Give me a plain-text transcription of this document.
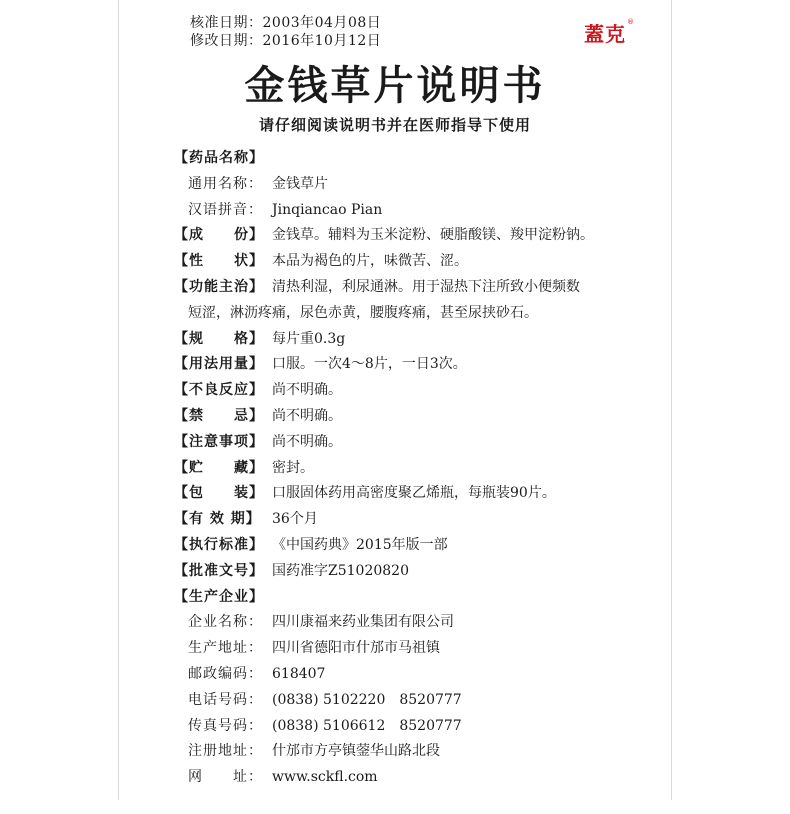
核准日期：2003年04月08日
修改日期：2016年10月12日	蓋克®
金钱草片说明书
请仔细阅读说明书并在医师指导下使用
【药品名称】
通用名称： 金钱草片
汉语拼音： Jinqiancao Pian
【成　　份】 金钱草。辅料为玉米淀粉、硬脂酸镁、羧甲淀粉钠。
【性　　状】 本品为褐色的片，味微苦、涩。
【功能主治】 清热利湿，利尿通淋。用于湿热下注所致小便频数
短涩，淋沥疼痛，尿色赤黄，腰腹疼痛，甚至尿挟砂石。
【规　　格】 每片重0.3g
【用法用量】 口服。一次4～8片，一日3次。
【不良反应】 尚不明确。
【禁　　忌】 尚不明确。
【注意事项】 尚不明确。
【贮　　藏】 密封。
【包　　装】 口服固体药用高密度聚乙烯瓶，每瓶装90片。
【有 效 期】 36个月
【执行标准】 《中国药典》2015年版一部
【批准文号】 国药准字Z51020820
【生产企业】
企业名称： 四川康福来药业集团有限公司
生产地址： 四川省德阳市什邡市马祖镇
邮政编码： 618407
电话号码： (0838) 5102220　8520777
传真号码： (0838) 5106612　8520777
注册地址： 什邡市方亭镇蓥华山路北段
网　　址： www.sckfl.com
